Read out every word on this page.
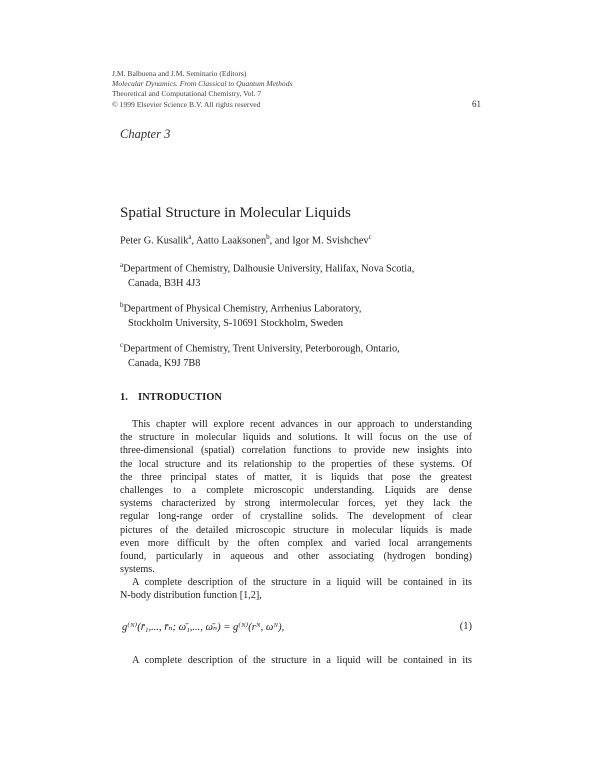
J.M. Balbuena and J.M. Seminario (Editors)
Molecular Dynamics. From Classical to Quantum Methods
Theoretical and Computational Chemistry, Vol. 7
© 1999 Elsevier Science B.V. All rights reserved	61
Chapter 3
Spatial Structure in Molecular Liquids
Peter G. Kusalik$^a$, Aatto Laaksonen$^b$, and Igor M. Svishchev$^c$
$^a$Department of Chemistry, Dalhousie University, Halifax, Nova Scotia,
Canada, B3H 4J3
$^b$Department of Physical Chemistry, Arrhenius Laboratory,
Stockholm University, S-10691 Stockholm, Sweden
$^c$Department of Chemistry, Trent University, Peterborough, Ontario,
Canada, K9J 7B8
1. INTRODUCTION
This chapter will explore recent advances in our approach to understanding
the structure in molecular liquids and solutions. It will focus on the use of
three-dimensional (spatial) correlation functions to provide new insights into
the local structure and its relationship to the properties of these systems. Of
the three principal states of matter, it is liquids that pose the greatest
challenges to a complete microscopic understanding. Liquids are dense
systems characterized by strong intermolecular forces, yet they lack the
regular long-range order of crystalline solids. The development of clear
pictures of the detailed microscopic structure in molecular liquids is made
even more difficult by the often complex and varied local arrangements
found, particularly in aqueous and other associating (hydrogen bonding)
systems.
A complete description of the structure in a liquid will be contained in its
N-body distribution function [1,2],
g⁽ᴺ⁾(r̄₁,..., r̄ₙ; ω̄₁,..., ω̄ₙ) = g⁽ᴺ⁾(rᴺ, ωᴺ),	(1)
A complete description of the structure in a liquid will be contained in its
